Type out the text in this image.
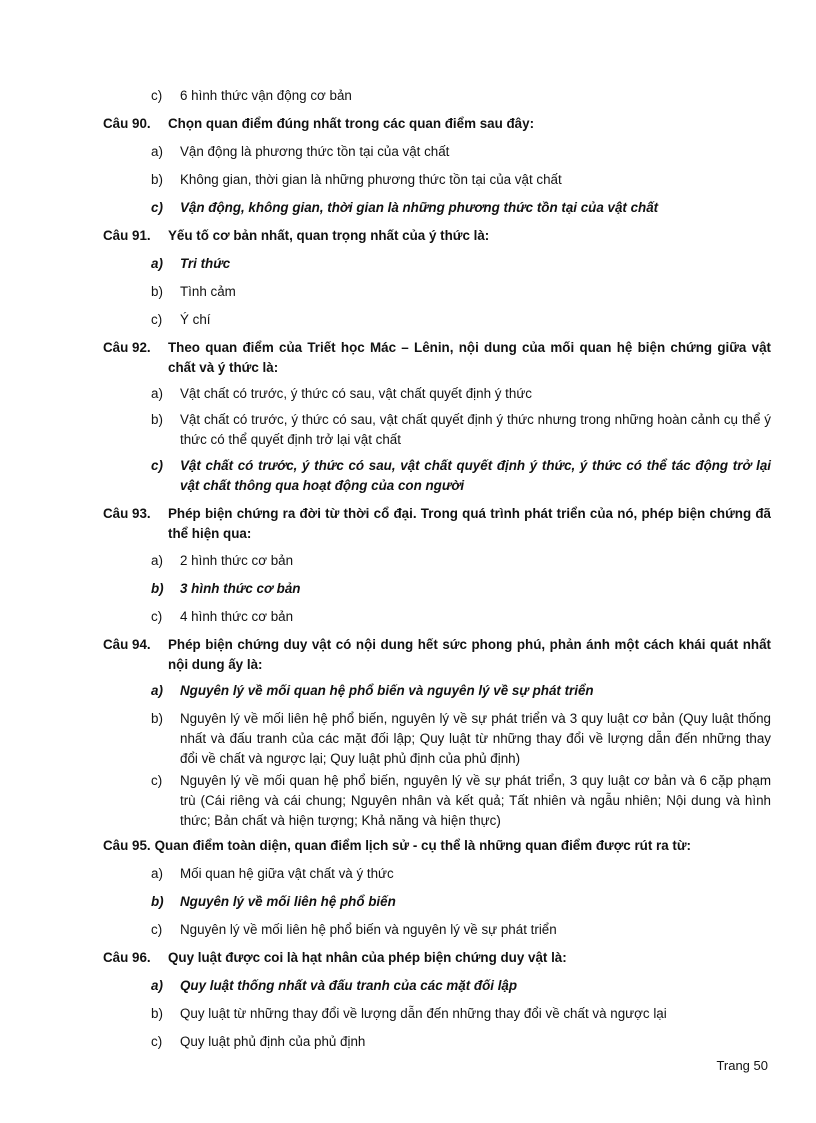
c)	6 hình thức vận động cơ bản
Câu 90.	Chọn quan điểm đúng nhất trong các quan điểm sau đây:
a)	Vận động là phương thức tồn tại của vật chất
b)	Không gian, thời gian là những phương thức tồn tại của vật chất
c)	Vận động, không gian, thời gian là những phương thức tồn tại của vật chất
Câu 91.	Yếu tố cơ bản nhất, quan trọng nhất của ý thức là:
a)	Tri thức
b)	Tình cảm
c)	Ý chí
Câu 92.	Theo quan điểm của Triết học Mác – Lênin, nội dung của mối quan hệ biện chứng giữa vật chất và ý thức là:
a)	Vật chất có trước, ý thức có sau, vật chất quyết định ý thức
b)	Vật chất có trước, ý thức có sau, vật chất quyết định ý thức nhưng trong những hoàn cảnh cụ thể ý thức có thể quyết định trở lại vật chất
c)	Vật chất có trước, ý thức có sau, vật chất quyết định ý thức, ý thức có thể tác động trở lại vật chất thông qua hoạt động của con người
Câu 93.	Phép biện chứng ra đời từ thời cổ đại. Trong quá trình phát triển của nó, phép biện chứng đã thể hiện qua:
a)	2 hình thức cơ bản
b)	3 hình thức cơ bản
c)	4 hình thức cơ bản
Câu 94.	Phép biện chứng duy vật có nội dung hết sức phong phú, phản ánh một cách khái quát nhất nội dung ấy là:
a)	Nguyên lý về mối quan hệ phổ biến và nguyên lý về sự phát triển
b)	Nguyên lý về mối liên hệ phổ biến, nguyên lý về sự phát triển và 3 quy luật cơ bản (Quy luật thống nhất và đấu tranh của các mặt đối lập; Quy luật từ những thay đổi về lượng dẫn đến những thay đổi về chất và ngược lại; Quy luật phủ định của phủ định)
c)	Nguyên lý về mối quan hệ phổ biến, nguyên lý về sự phát triển, 3 quy luật cơ bản và 6 cặp phạm trù (Cái riêng và cái chung; Nguyên nhân và kết quả; Tất nhiên và ngẫu nhiên; Nội dung và hình thức; Bản chất và hiện tượng; Khả năng và hiện thực)
Câu 95. Quan điểm toàn diện, quan điểm lịch sử - cụ thể là những quan điểm được rút ra từ:
a)	Mối quan hệ giữa vật chất và ý thức
b)	Nguyên lý về mối liên hệ phổ biến
c)	Nguyên lý về mối liên hệ phổ biến và nguyên lý về sự phát triển
Câu 96.	Quy luật được coi là hạt nhân của phép biện chứng duy vật là:
a)	Quy luật thống nhất và đấu tranh của các mặt đối lập
b)	Quy luật từ những thay đổi về lượng dẫn đến những thay đổi về chất và ngược lại
c)	Quy luật phủ định của phủ định
Trang 50
